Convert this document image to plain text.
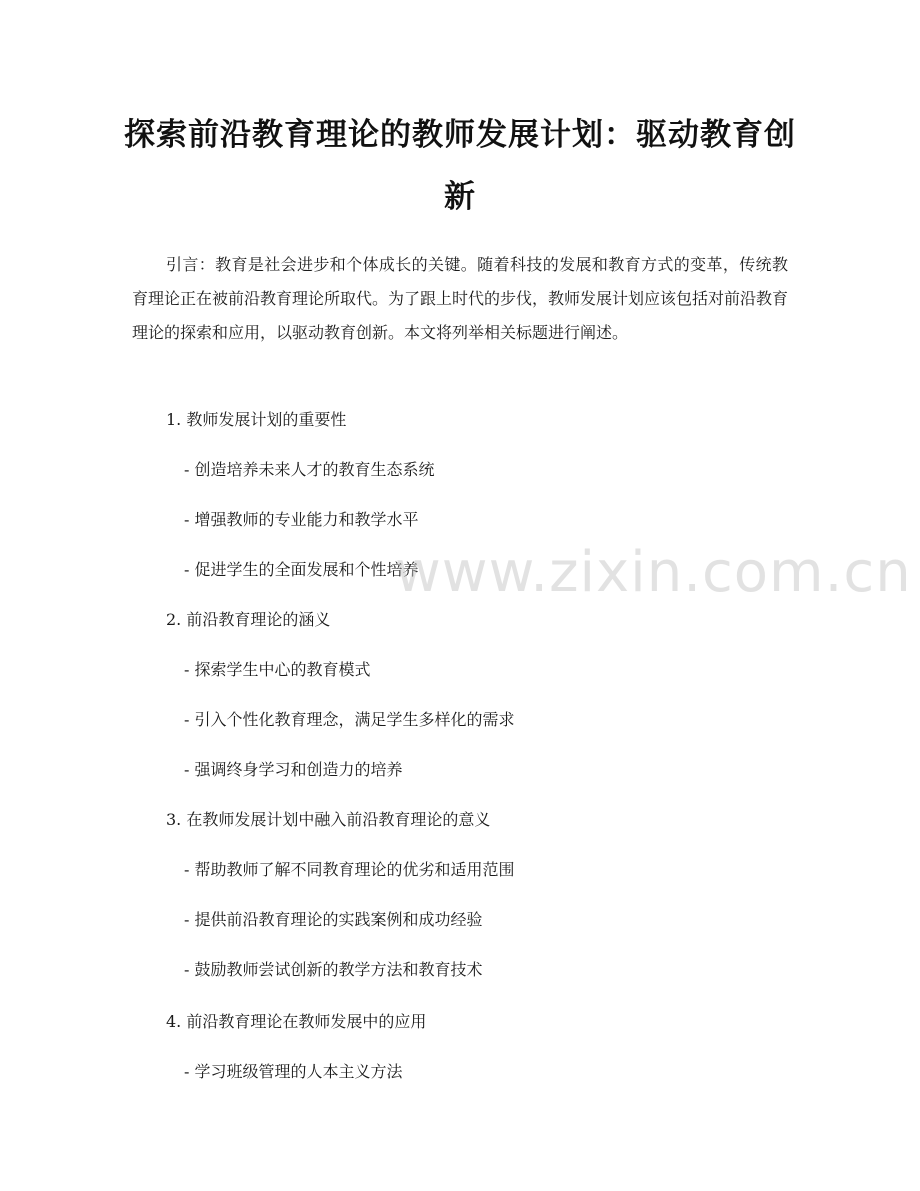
探索前沿教育理论的教师发展计划：驱动教育创新

引言：教育是社会进步和个体成长的关键。随着科技的发展和教育方式的变革，传统教育理论正在被前沿教育理论所取代。为了跟上时代的步伐，教师发展计划应该包括对前沿教育理论的探索和应用，以驱动教育创新。本文将列举相关标题进行阐述。

1. 教师发展计划的重要性
- 创造培养未来人才的教育生态系统
- 增强教师的专业能力和教学水平
- 促进学生的全面发展和个性培养
2. 前沿教育理论的涵义
- 探索学生中心的教育模式
- 引入个性化教育理念，满足学生多样化的需求
- 强调终身学习和创造力的培养
3. 在教师发展计划中融入前沿教育理论的意义
- 帮助教师了解不同教育理论的优劣和适用范围
- 提供前沿教育理论的实践案例和成功经验
- 鼓励教师尝试创新的教学方法和教育技术
4. 前沿教育理论在教师发展中的应用
- 学习班级管理的人本主义方法
www.zixin.com.cn
